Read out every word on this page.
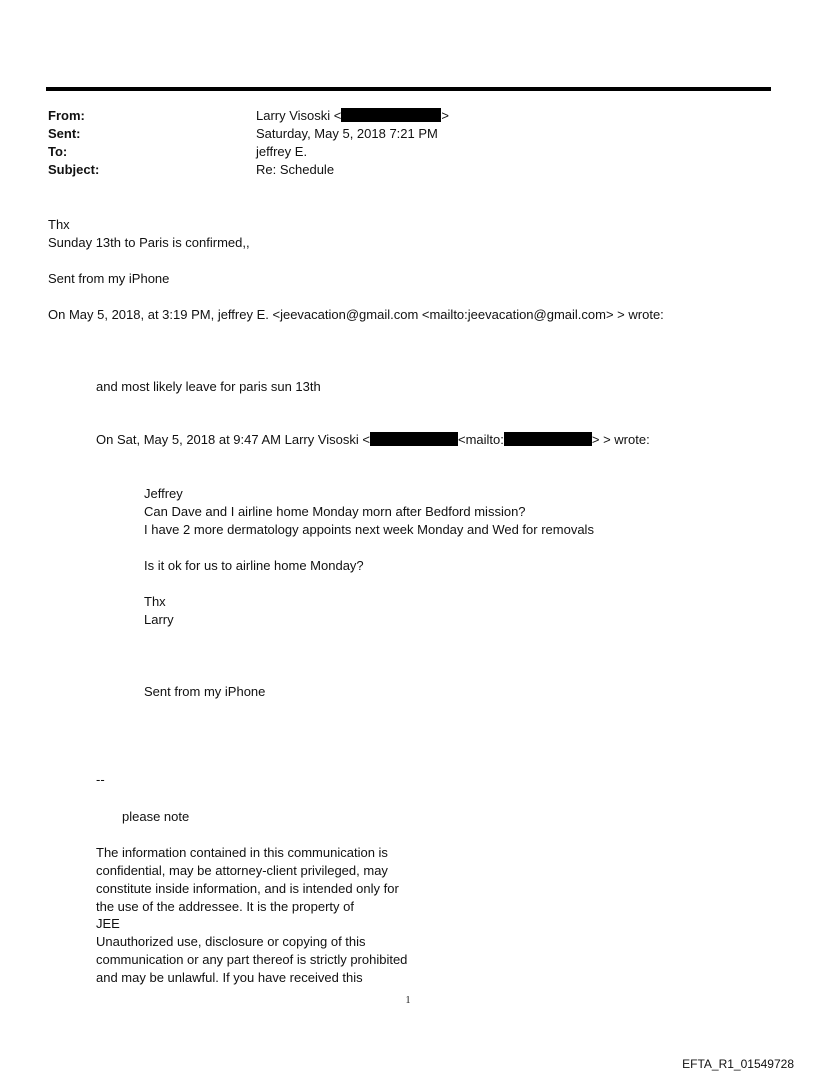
From:	Larry Visoski <	>
Sent:	Saturday, May 5, 2018 7:21 PM
To:	jeffrey E.
Subject:	Re: Schedule
Thx
Sunday 13th to Paris is confirmed,,
Sent from my iPhone
On May 5, 2018, at 3:19 PM, jeffrey E. <jeevacation@gmail.com <mailto:jeevacation@gmail.com> > wrote:
and most likely leave for paris sun 13th
On Sat, May 5, 2018 at 9:47 AM Larry Visoski <	<mailto:	> > wrote:
Jeffrey
Can Dave and I airline home Monday morn after Bedford mission?
I have 2 more dermatology appoints next week Monday and Wed for removals
Is it ok for us to airline home Monday?
Thx
Larry
Sent from my iPhone
--
please note
The information contained in this communication is
confidential, may be attorney-client privileged, may
constitute inside information, and is intended only for
the use of the addressee. It is the property of
JEE
Unauthorized use, disclosure or copying of this
communication or any part thereof is strictly prohibited
and may be unlawful. If you have received this
1
EFTA_R1_01549728
